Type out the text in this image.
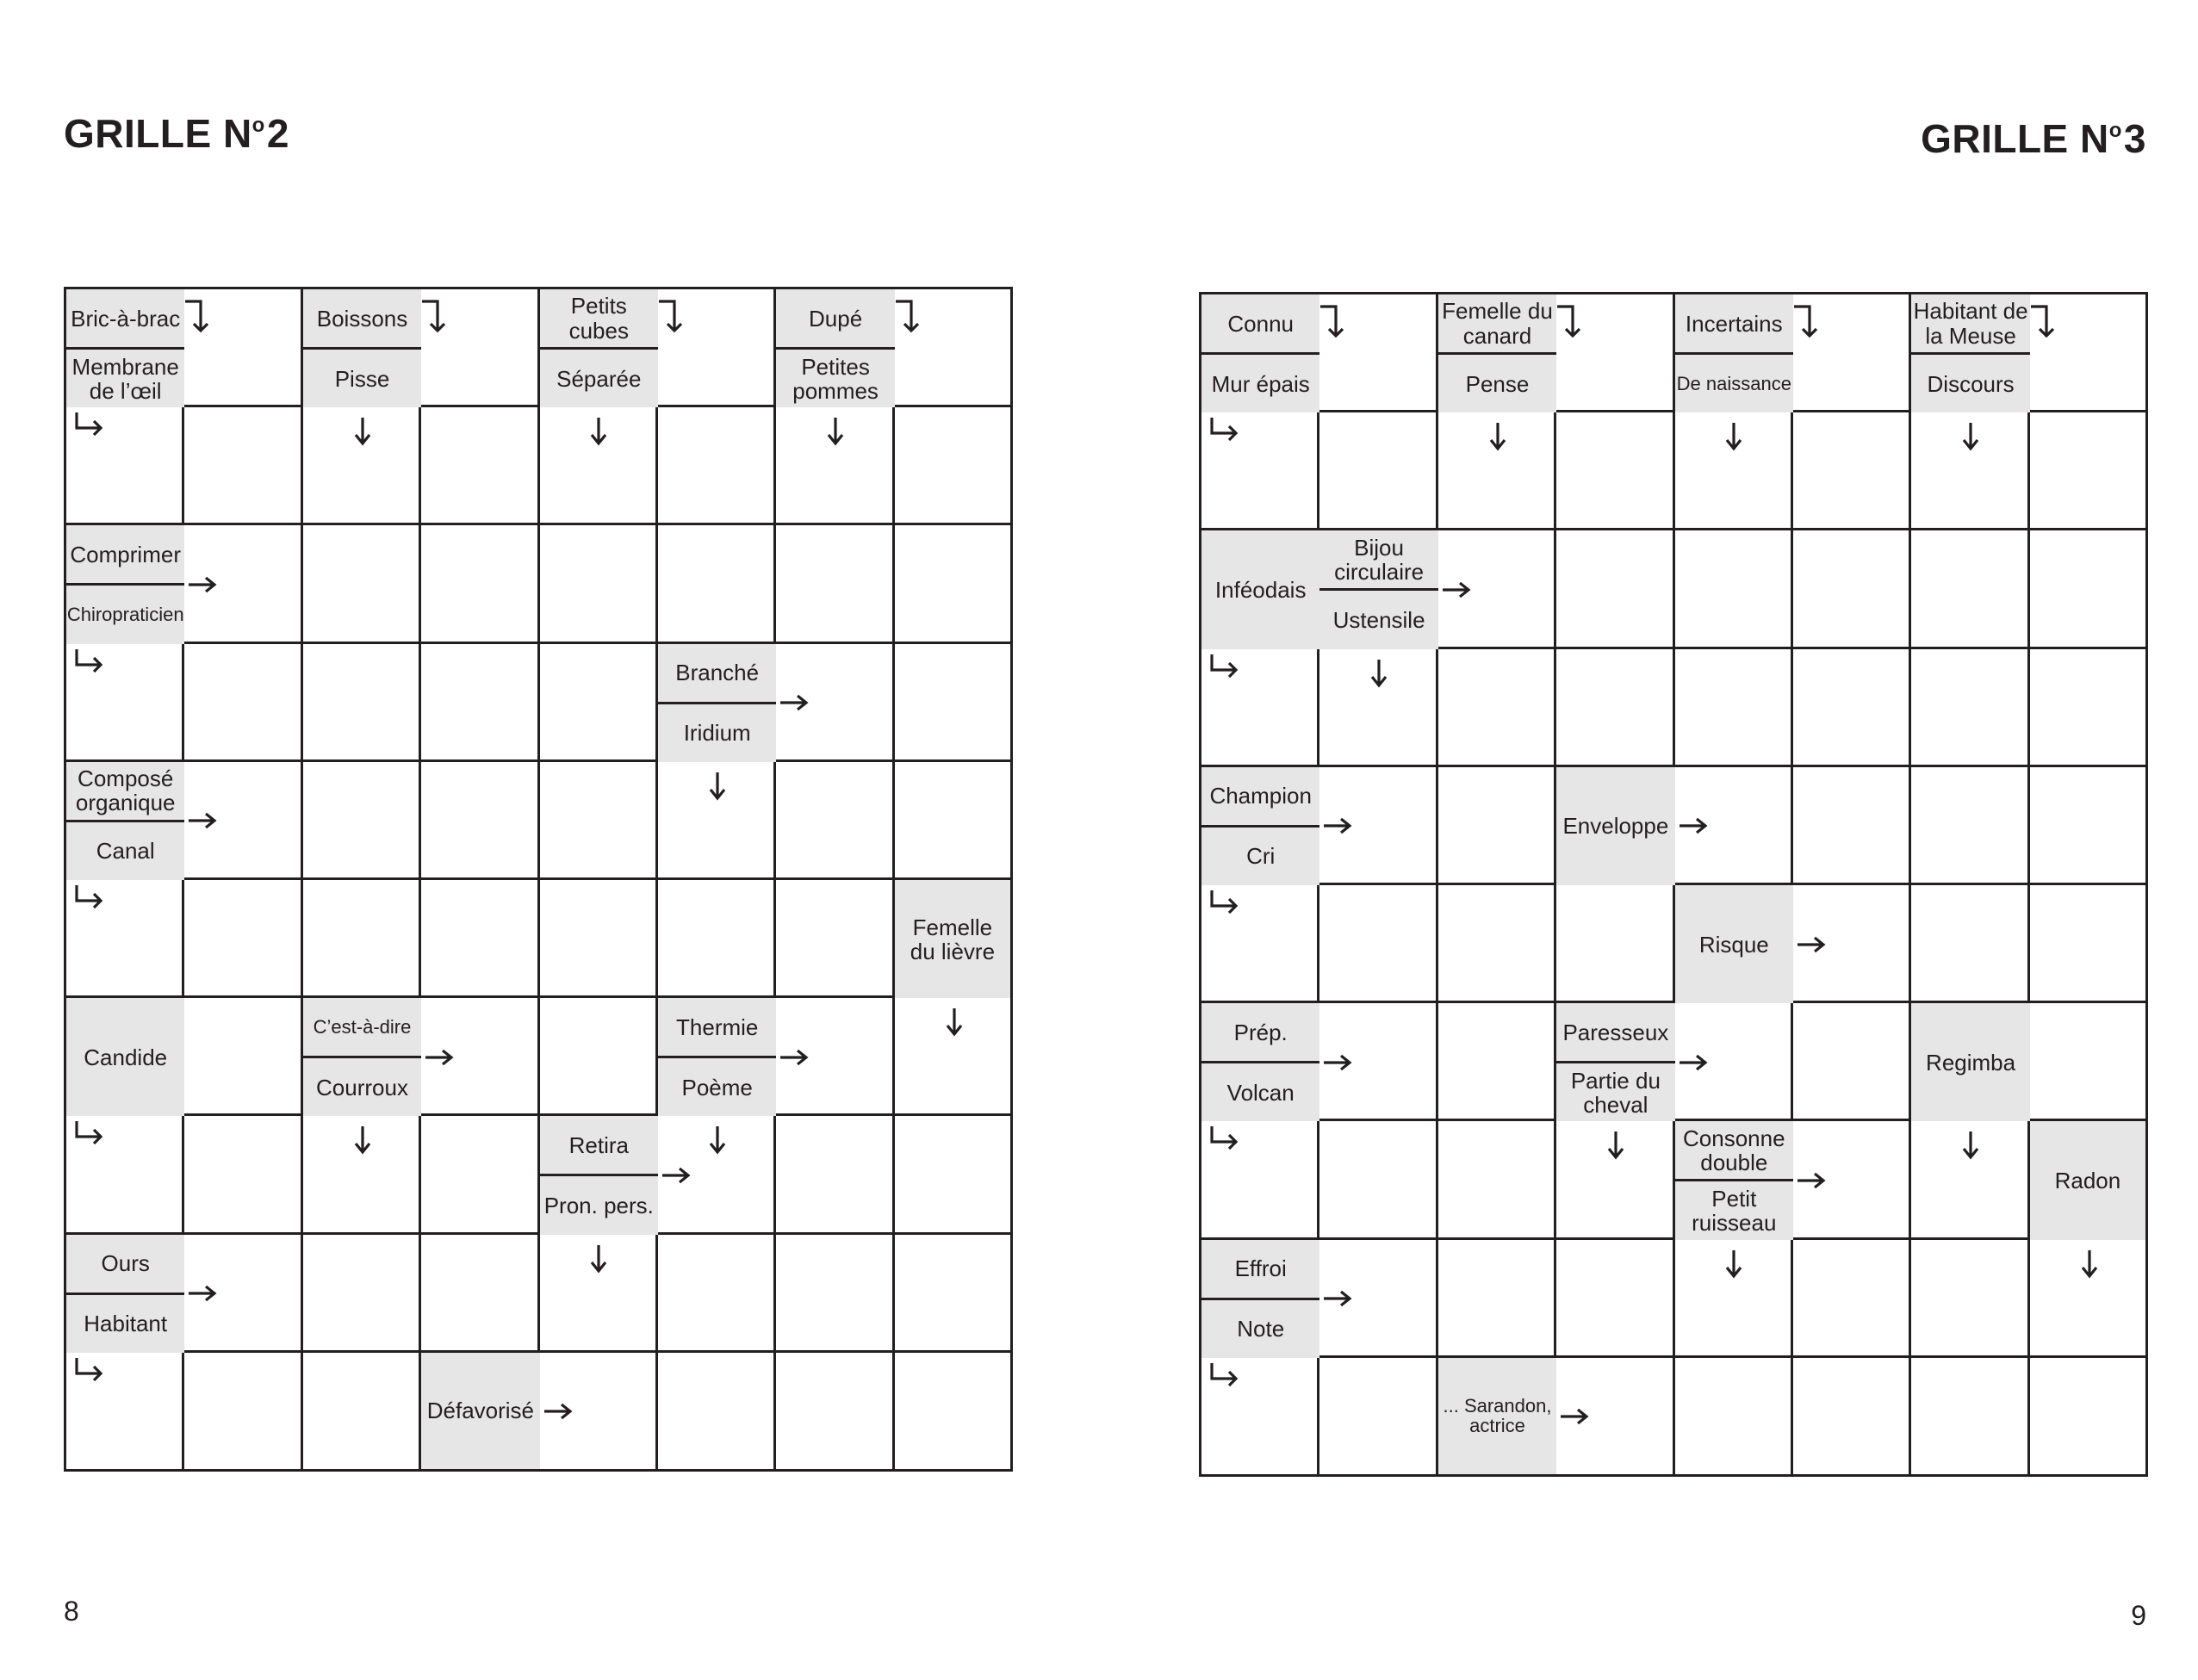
GRILLE $N^o2$	GRILLE $N^o3$
Bric-à-brac
Membrane
de l’œil
Boissons
Pisse
Petits cubes
Séparée
Dupé
Petites
pommes
Comprimer
Chiropraticien
Branché
Iridium
Composé
organique
Canal
Femelle
du lièvre
Candide
C’est-à-dire
Courroux
Thermie
Poème
Retira
Pron. pers.
Ours
Habitant
Défavorisé
Connu
Mur épais
Femelle du
canard
Pense
Incertains
De naissance
Habitant de
la Meuse
Discours
Inféodais
Bijou
circulaire
Ustensile
Champion
Cri
Enveloppe
Risque
Prép.
Volcan
Paresseux
Partie du
cheval
Regimba
Consonne
double
Petit
ruisseau
Radon
Effroi
Note
... Sarandon,
actrice
8	9
